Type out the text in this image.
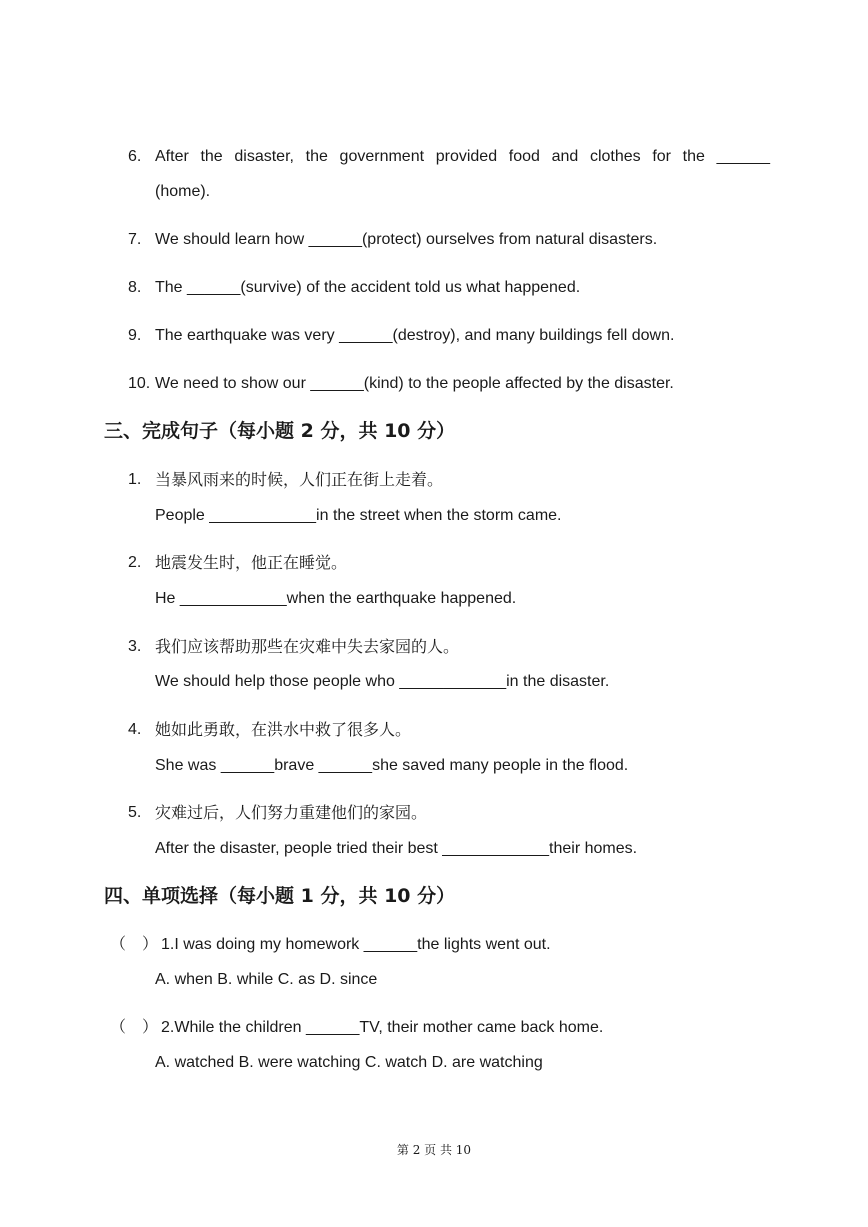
6. After the disaster, the government provided food and clothes for the ______
(home).
7. We should learn how ______(protect) ourselves from natural disasters.
8. The ______(survive) of the accident told us what happened.
9. The earthquake was very ______(destroy), and many buildings fell down.
10. We need to show our ______(kind) to the people affected by the disaster.
三、完成句子（每小题 2 分，共 10 分）
1. 当暴风雨来的时候，人们正在街上走着。
People ____________in the street when the storm came.
2. 地震发生时，他正在睡觉。
He ____________when the earthquake happened.
3. 我们应该帮助那些在灾难中失去家园的人。
We should help those people who ____________in the disaster.
4. 她如此勇敢，在洪水中救了很多人。
She was ______brave ______she saved many people in the flood.
5. 灾难过后，人们努力重建他们的家园。
After the disaster, people tried their best ____________their homes.
四、单项选择（每小题 1 分，共 10 分）
（　） 1.I was doing my homework ______the lights went out.
A. when B. while C. as D. since
（　） 2.While the children ______TV, their mother came back home.
A. watched B. were watching C. watch D. are watching
第 2 页 共 10
